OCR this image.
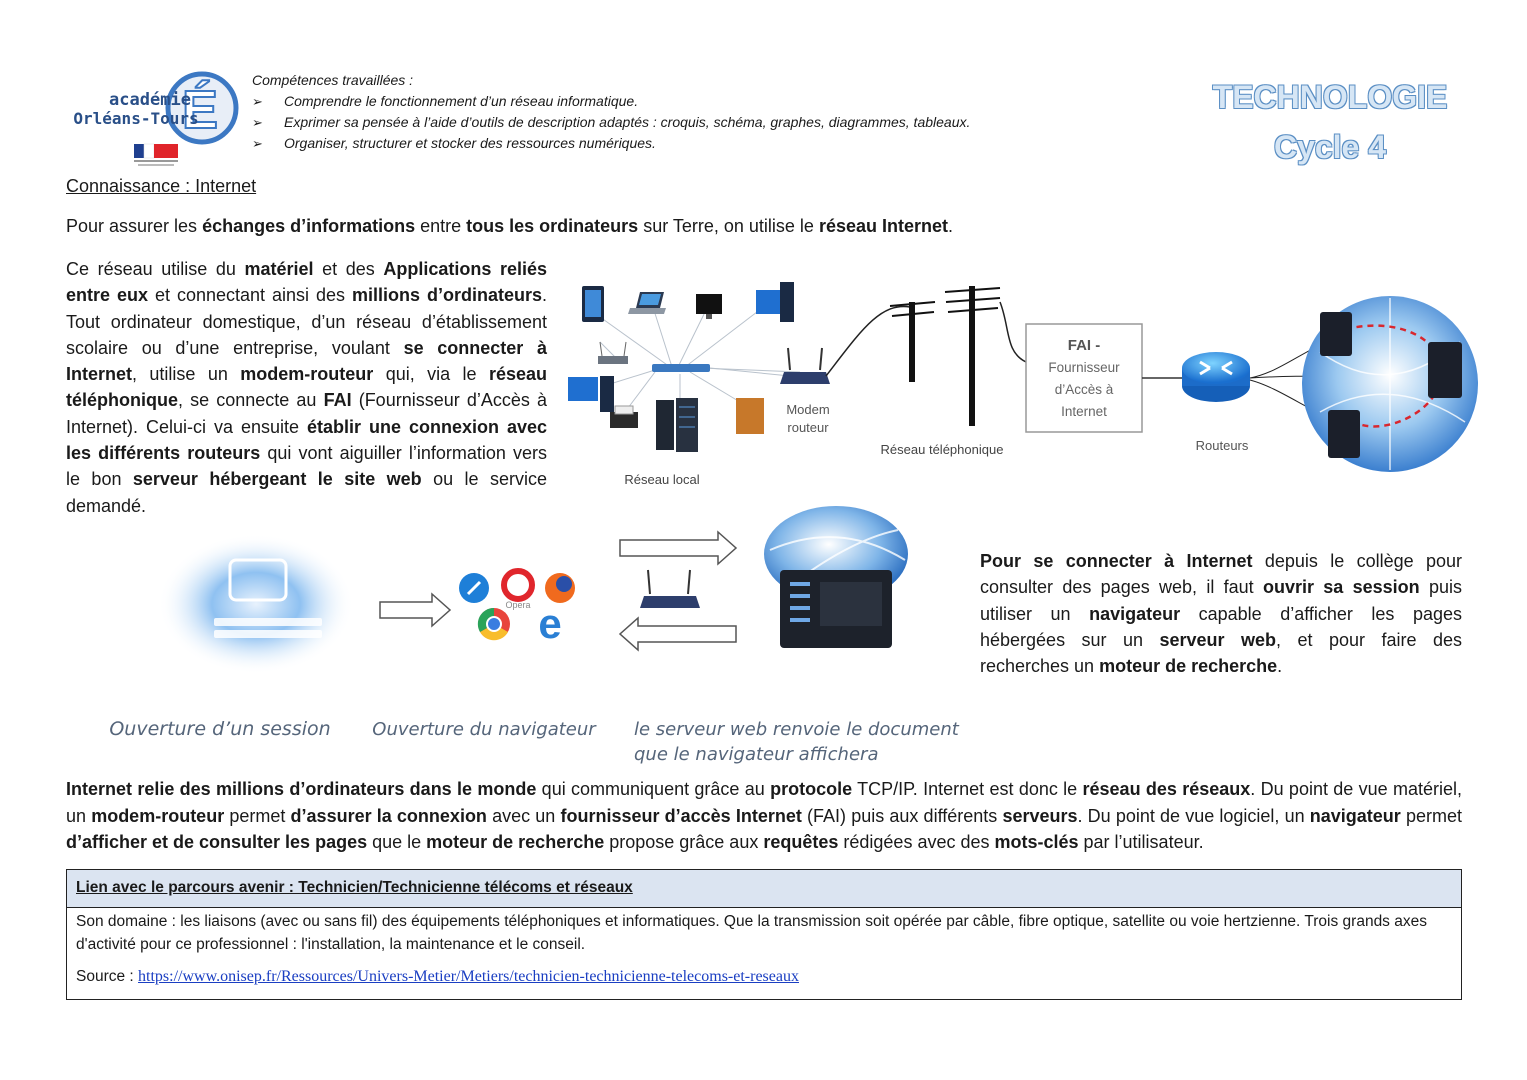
É
académie
Orléans-Tours
Compétences travaillées :
➢ Comprendre le fonctionnement d’un réseau informatique.
➢ Exprimer sa pensée à l’aide d’outils de description adaptés : croquis, schéma, graphes, diagrammes, tableaux.
➢ Organiser, structurer et stocker des ressources numériques.
TECHNOLOGIE
Cycle 4
Connaissance : Internet

Pour assurer les échanges d’informations entre tous les ordinateurs sur Terre, on utilise le réseau Internet.

Ce réseau utilise du matériel et des Applications reliés entre eux et connectant ainsi des millions d’ordinateurs. Tout ordinateur domestique, d’un réseau d’établissement scolaire ou d’une entreprise, voulant se connecter à Internet, utilise un modem-routeur qui, via le réseau téléphonique, se connecte au FAI (Fournisseur d’Accès à Internet). Celui-ci va ensuite établir une connexion avec les différents routeurs qui vont aiguiller l’information vers le bon serveur hébergeant le site web ou le service demandé.

Réseau local
Modem
routeur
Réseau téléphonique
FAI -
Fournisseur
d’Accès à
Internet
Routeurs
Opera e
Ouverture d’un session Ouverture du navigateur le serveur web renvoie le document
que le navigateur affichera

Pour se connecter à Internet depuis le collège pour consulter des pages web, il faut ouvrir sa session puis utiliser un navigateur capable d’afficher les pages hébergées sur un serveur web, et pour faire des recherches un moteur de recherche.

Internet relie des millions d’ordinateurs dans le monde qui communiquent grâce au protocole TCP/IP. Internet est donc le réseau des réseaux. Du point de vue matériel, un modem-routeur permet d’assurer la connexion avec un fournisseur d’accès Internet (FAI) puis aux différents serveurs. Du point de vue logiciel, un navigateur permet d’afficher et de consulter les pages que le moteur de recherche propose grâce aux requêtes rédigées avec des mots-clés par l’utilisateur.

Lien avec le parcours avenir : Technicien/Technicienne télécoms et réseaux
Son domaine : les liaisons (avec ou sans fil) des équipements téléphoniques et informatiques. Que la transmission soit opérée par câble, fibre optique, satellite ou voie hertzienne. Trois grands axes d'activité pour ce professionnel : l'installation, la maintenance et le conseil.
Source : https://www.onisep.fr/Ressources/Univers-Metier/Metiers/technicien-technicienne-telecoms-et-reseaux
